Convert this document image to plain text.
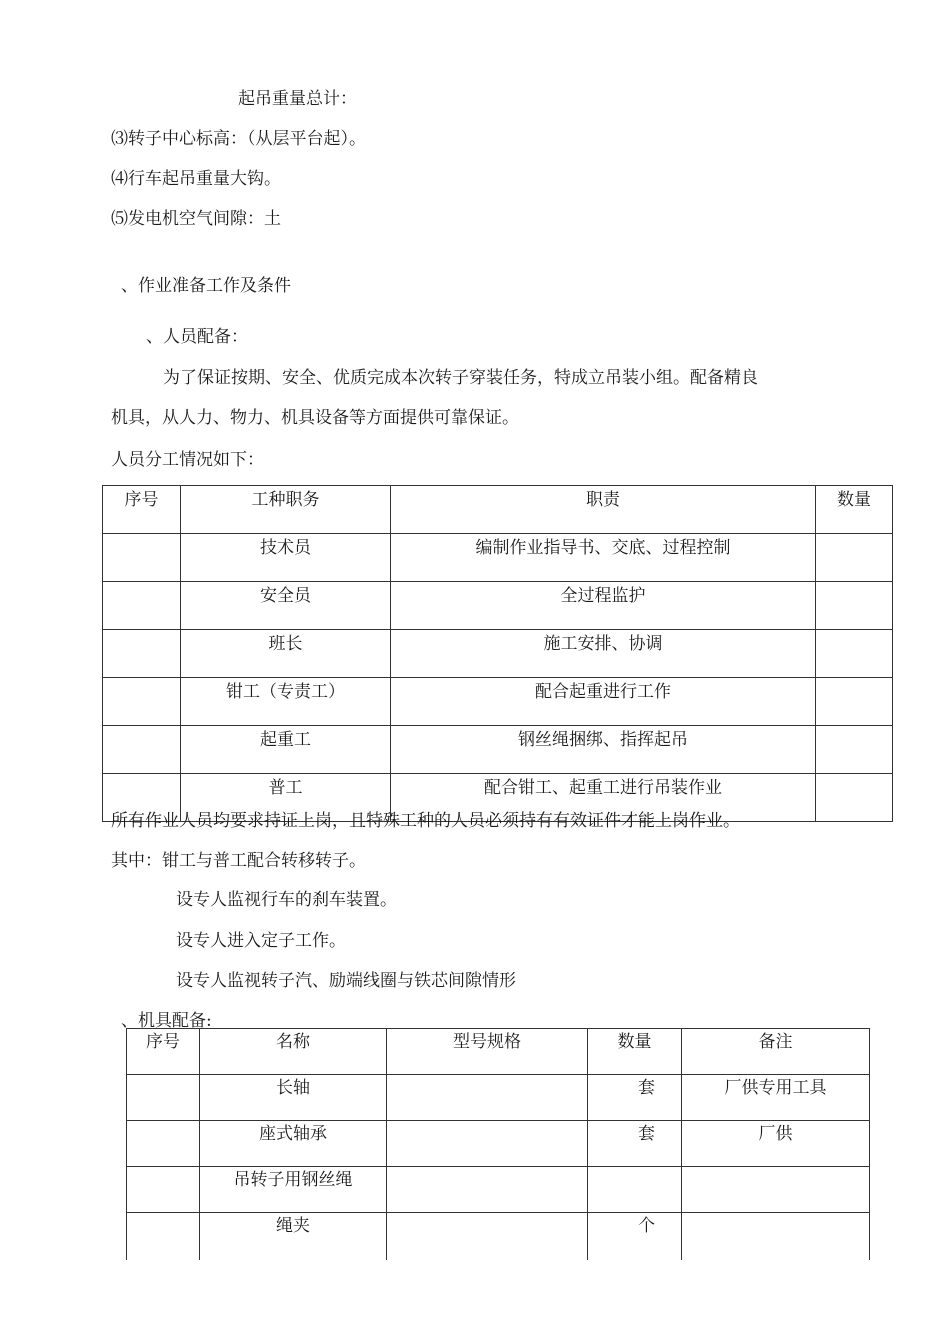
起吊重量总计：
⑶转子中心标高：（从层平台起）。
⑷行车起吊重量大钩。
⑸发电机空气间隙：土
、作业准备工作及条件
、人员配备：
为了保证按期、安全、优质完成本次转子穿装任务，特成立吊装小组。配备精良
机具，从人力、物力、机具设备等方面提供可靠保证。
人员分工情况如下：
序号	工种职务	职责	数量
	技术员	编制作业指导书、交底、过程控制	
	安全员	全过程监护	
	班长	施工安排、协调	
	钳工（专责工）	配合起重进行工作	
	起重工	钢丝绳捆绑、指挥起吊	
	普工	配合钳工、起重工进行吊装作业	
所有作业人员均要求持证上岗，且特殊工种的人员必须持有有效证件才能上岗作业。
其中：钳工与普工配合转移转子。
设专人监视行车的刹车装置。
设专人进入定子工作。
设专人监视转子汽、励端线圈与铁芯间隙情形
、机具配备:
序号	名称	型号规格	数量	备注
	长轴		套	厂供专用工具
	座式轴承		套	厂供
	吊转子用钢丝绳			
	绳夹		个	
